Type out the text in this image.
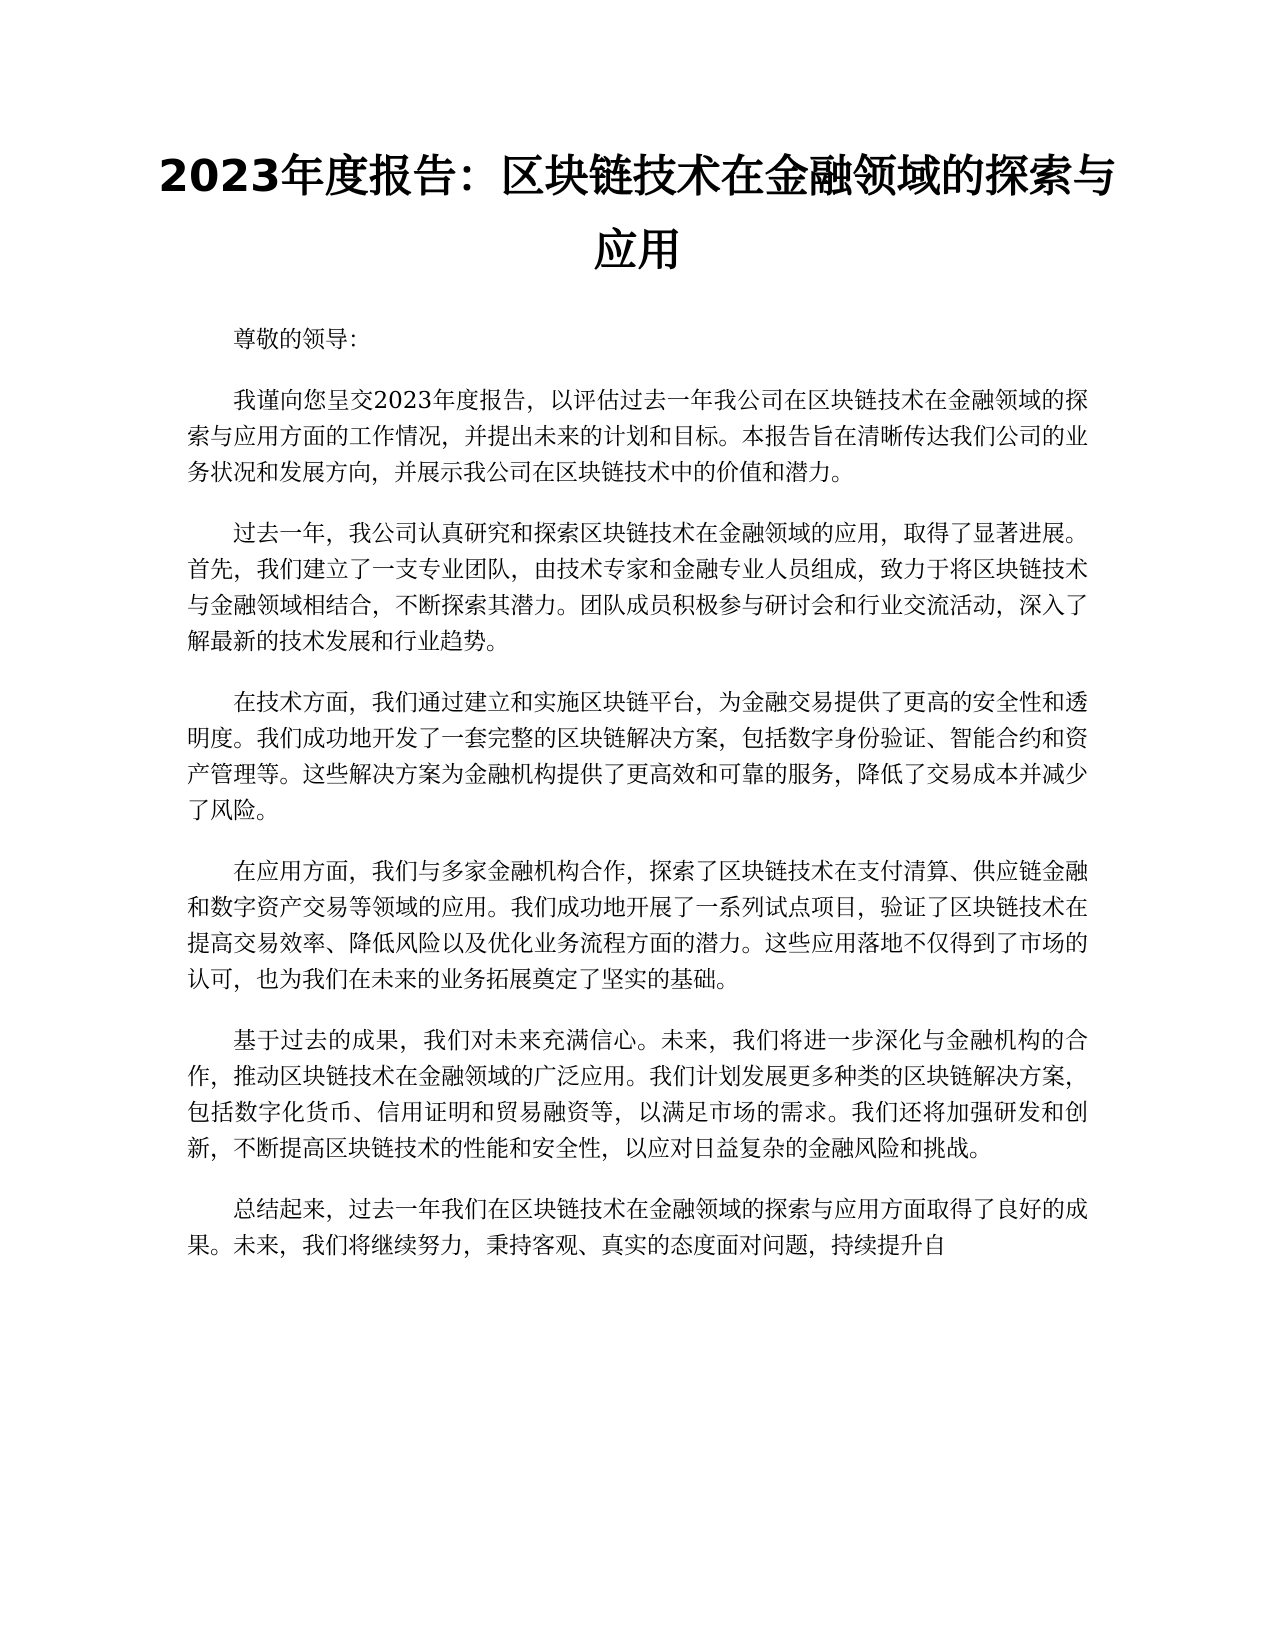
2023年度报告：区块链技术在金融领域的探索与应用

尊敬的领导：

我谨向您呈交2023年度报告，以评估过去一年我公司在区块链技术在金融领域的探索与应用方面的工作情况，并提出未来的计划和目标。本报告旨在清晰传达我们公司的业务状况和发展方向，并展示我公司在区块链技术中的价值和潜力。

过去一年，我公司认真研究和探索区块链技术在金融领域的应用，取得了显著进展。首先，我们建立了一支专业团队，由技术专家和金融专业人员组成，致力于将区块链技术与金融领域相结合，不断探索其潜力。团队成员积极参与研讨会和行业交流活动，深入了解最新的技术发展和行业趋势。

在技术方面，我们通过建立和实施区块链平台，为金融交易提供了更高的安全性和透明度。我们成功地开发了一套完整的区块链解决方案，包括数字身份验证、智能合约和资产管理等。这些解决方案为金融机构提供了更高效和可靠的服务，降低了交易成本并减少了风险。

在应用方面，我们与多家金融机构合作，探索了区块链技术在支付清算、供应链金融和数字资产交易等领域的应用。我们成功地开展了一系列试点项目，验证了区块链技术在提高交易效率、降低风险以及优化业务流程方面的潜力。这些应用落地不仅得到了市场的认可，也为我们在未来的业务拓展奠定了坚实的基础。

基于过去的成果，我们对未来充满信心。未来，我们将进一步深化与金融机构的合作，推动区块链技术在金融领域的广泛应用。我们计划发展更多种类的区块链解决方案，包括数字化货币、信用证明和贸易融资等，以满足市场的需求。我们还将加强研发和创新，不断提高区块链技术的性能和安全性，以应对日益复杂的金融风险和挑战。

总结起来，过去一年我们在区块链技术在金融领域的探索与应用方面取得了良好的成果。未来，我们将继续努力，秉持客观、真实的态度面对问题，持续提升自
